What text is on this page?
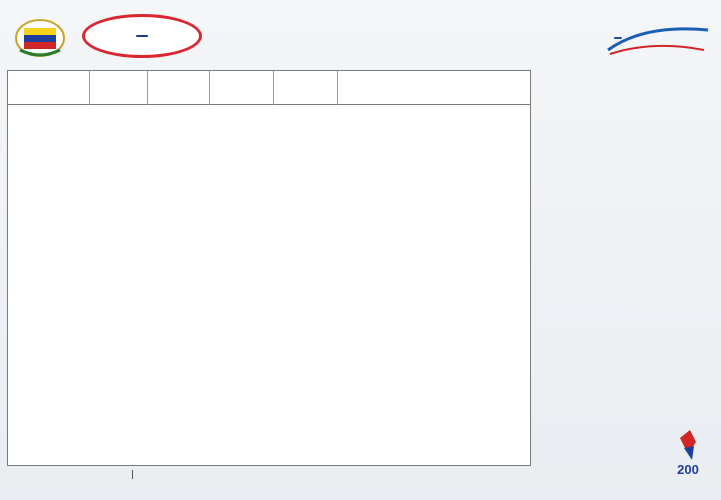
200
